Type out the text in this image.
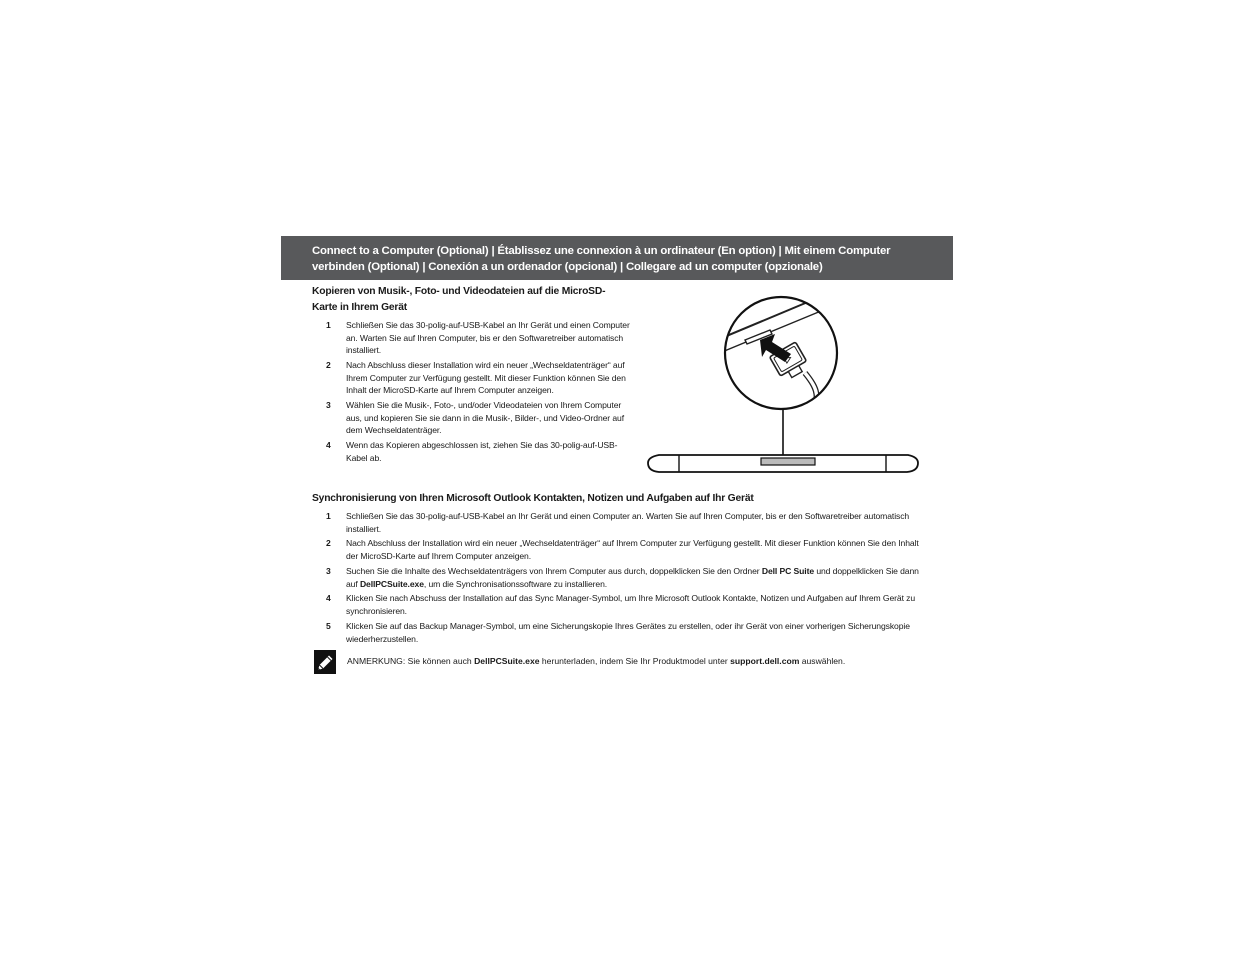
Connect to a Computer (Optional) | Établissez une connexion à un ordinateur (En option) | Mit einem Computer
verbinden (Optional) | Conexión a un ordenador (opcional) | Collegare ad un computer (opzionale)
Kopieren von Musik-, Foto- und Videodateien auf die MicroSD-
Karte in Ihrem Gerät
1 Schließen Sie das 30-polig-auf-USB-Kabel an Ihr Gerät und einen Computer an. Warten Sie auf Ihren Computer, bis er den Softwaretreiber automatisch installiert.
2 Nach Abschluss dieser Installation wird ein neuer „Wechseldatenträger“ auf Ihrem Computer zur Verfügung gestellt. Mit dieser Funktion können Sie den Inhalt der MicroSD-Karte auf Ihrem Computer anzeigen.
3 Wählen Sie die Musik-, Foto-, und/oder Videodateien von Ihrem Computer aus, und kopieren Sie sie dann in die Musik-, Bilder-, und Video-Ordner auf dem Wechseldatenträger.
4 Wenn das Kopieren abgeschlossen ist, ziehen Sie das 30-polig-auf-USB-Kabel ab.
Synchronisierung von Ihren Microsoft Outlook Kontakten, Notizen und Aufgaben auf Ihr Gerät
1 Schließen Sie das 30-polig-auf-USB-Kabel an Ihr Gerät und einen Computer an. Warten Sie auf Ihren Computer, bis er den Softwaretreiber automatisch installiert.
2 Nach Abschluss der Installation wird ein neuer „Wechseldatenträger“ auf Ihrem Computer zur Verfügung gestellt. Mit dieser Funktion können Sie den Inhalt der MicroSD-Karte auf Ihrem Computer anzeigen.
3 Suchen Sie die Inhalte des Wechseldatenträgers von Ihrem Computer aus durch, doppelklicken Sie den Ordner Dell PC Suite und doppelklicken Sie dann auf DellPCSuite.exe, um die Synchronisationssoftware zu installieren.
4 Klicken Sie nach Abschuss der Installation auf das Sync Manager-Symbol, um Ihre Microsoft Outlook Kontakte, Notizen und Aufgaben auf Ihrem Gerät zu synchronisieren.
5 Klicken Sie auf das Backup Manager-Symbol, um eine Sicherungskopie Ihres Gerätes zu erstellen, oder ihr Gerät von einer vorherigen Sicherungskopie wiederherzustellen.
ANMERKUNG: Sie können auch DellPCSuite.exe herunterladen, indem Sie Ihr Produktmodel unter support.dell.com auswählen.
